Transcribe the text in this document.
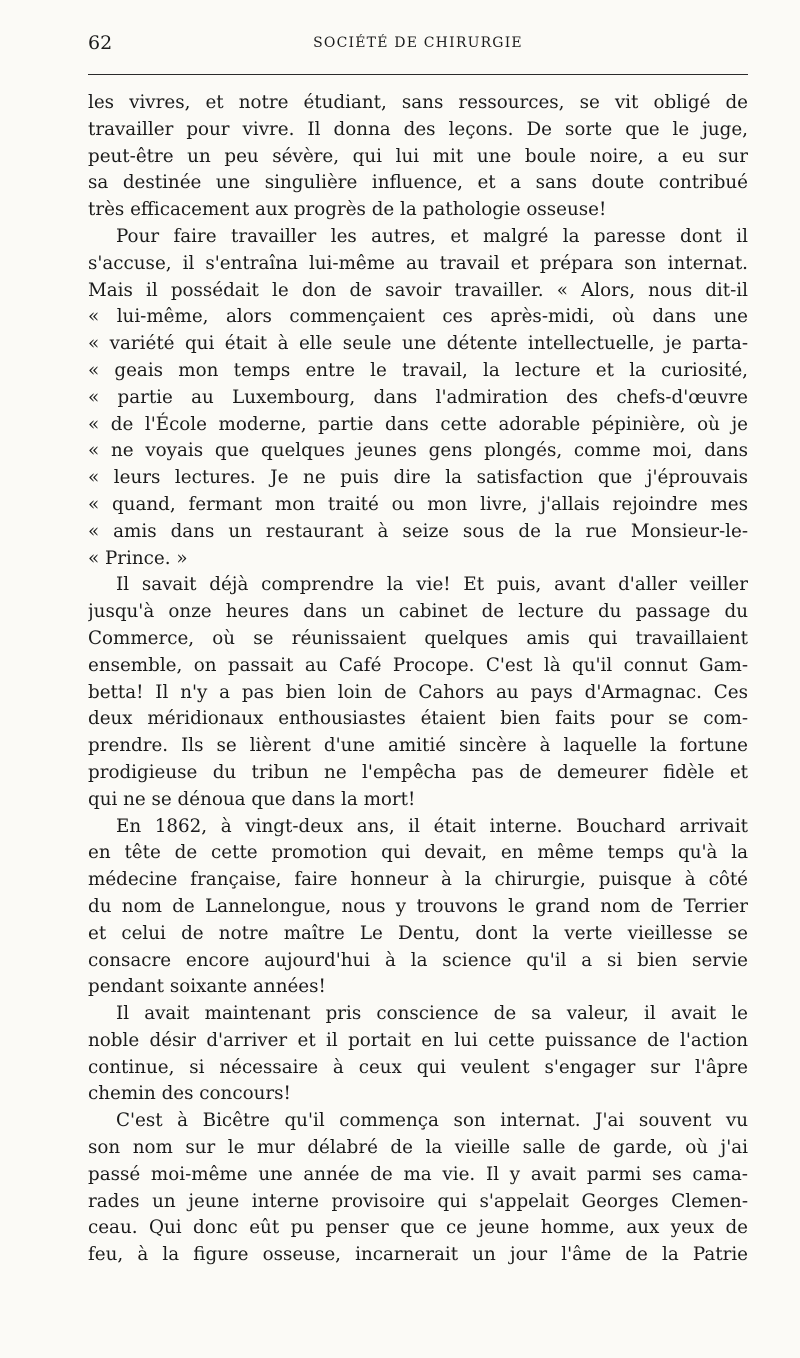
62	SOCIÉTÉ DE CHIRURGIE
les vivres, et notre étudiant, sans ressources, se vit obligé de
travailler pour vivre. Il donna des leçons. De sorte que le juge,
peut-être un peu sévère, qui lui mit une boule noire, a eu sur
sa destinée une singulière influence, et a sans doute contribué
très efficacement aux progrès de la pathologie osseuse!
Pour faire travailler les autres, et malgré la paresse dont il
s'accuse, il s'entraîna lui-même au travail et prépara son internat.
Mais il possédait le don de savoir travailler. « Alors, nous dit-il
« lui-même, alors commençaient ces après-midi, où dans une
« variété qui était à elle seule une détente intellectuelle, je parta-
« geais mon temps entre le travail, la lecture et la curiosité,
« partie au Luxembourg, dans l'admiration des chefs-d'œuvre
« de l'École moderne, partie dans cette adorable pépinière, où je
« ne voyais que quelques jeunes gens plongés, comme moi, dans
« leurs lectures. Je ne puis dire la satisfaction que j'éprouvais
« quand, fermant mon traité ou mon livre, j'allais rejoindre mes
« amis dans un restaurant à seize sous de la rue Monsieur-le-
« Prince. »
Il savait déjà comprendre la vie! Et puis, avant d'aller veiller
jusqu'à onze heures dans un cabinet de lecture du passage du
Commerce, où se réunissaient quelques amis qui travaillaient
ensemble, on passait au Café Procope. C'est là qu'il connut Gam-
betta! Il n'y a pas bien loin de Cahors au pays d'Armagnac. Ces
deux méridionaux enthousiastes étaient bien faits pour se com-
prendre. Ils se lièrent d'une amitié sincère à laquelle la fortune
prodigieuse du tribun ne l'empêcha pas de demeurer fidèle et
qui ne se dénoua que dans la mort!
En 1862, à vingt-deux ans, il était interne. Bouchard arrivait
en tête de cette promotion qui devait, en même temps qu'à la
médecine française, faire honneur à la chirurgie, puisque à côté
du nom de Lannelongue, nous y trouvons le grand nom de Terrier
et celui de notre maître Le Dentu, dont la verte vieillesse se
consacre encore aujourd'hui à la science qu'il a si bien servie
pendant soixante années!
Il avait maintenant pris conscience de sa valeur, il avait le
noble désir d'arriver et il portait en lui cette puissance de l'action
continue, si nécessaire à ceux qui veulent s'engager sur l'âpre
chemin des concours!
C'est à Bicêtre qu'il commença son internat. J'ai souvent vu
son nom sur le mur délabré de la vieille salle de garde, où j'ai
passé moi-même une année de ma vie. Il y avait parmi ses cama-
rades un jeune interne provisoire qui s'appelait Georges Clemen-
ceau. Qui donc eût pu penser que ce jeune homme, aux yeux de
feu, à la figure osseuse, incarnerait un jour l'âme de la Patrie
